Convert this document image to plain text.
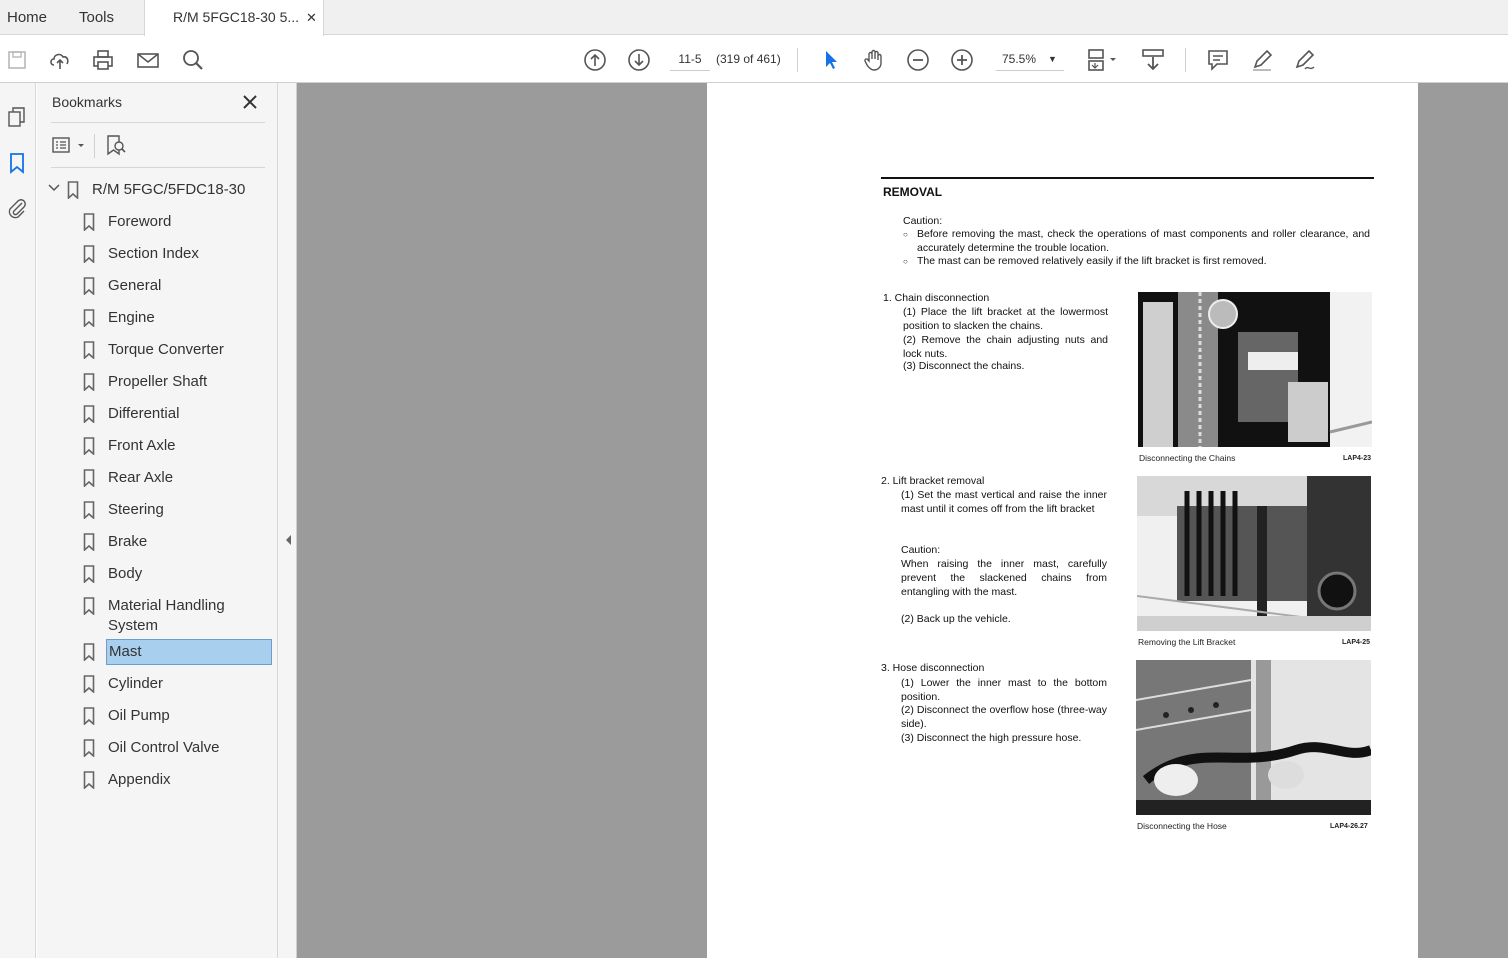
Home Tools	R/M 5FGC18-30 5... ✕
11-5	(319 of 461)	75.5% ▼
Bookmarks
R/M 5FGC/5FDC18-30
Foreword
Section Index
General
Engine
Torque Converter
Propeller Shaft
Differential
Front Axle
Rear Axle
Steering
Brake
Body
Material Handling System
Mast
Cylinder
Oil Pump
Oil Control Valve
Appendix
REMOVAL
Caution:
○ Before removing the mast, check the operations of mast components and roller clearance, and accurately determine the trouble location.
○ The mast can be removed relatively easily if the lift bracket is first removed.
1. Chain disconnection
(1) Place the lift bracket at the lowermost position to slacken the chains.
(2) Remove the chain adjusting nuts and lock nuts.
(3) Disconnect the chains.
Disconnecting the Chains	LAP4-23
2. Lift bracket removal
(1) Set the mast vertical and raise the inner mast until it comes off from the lift bracket
Caution:
When raising the inner mast, carefully prevent the slackened chains from entangling with the mast.
(2) Back up the vehicle.
Removing the Lift Bracket	LAP4-25
3. Hose disconnection
(1) Lower the inner mast to the bottom position.
(2) Disconnect the overflow hose (three-way side).
(3) Disconnect the high pressure hose.
Disconnecting the Hose	LAP4-26.27
